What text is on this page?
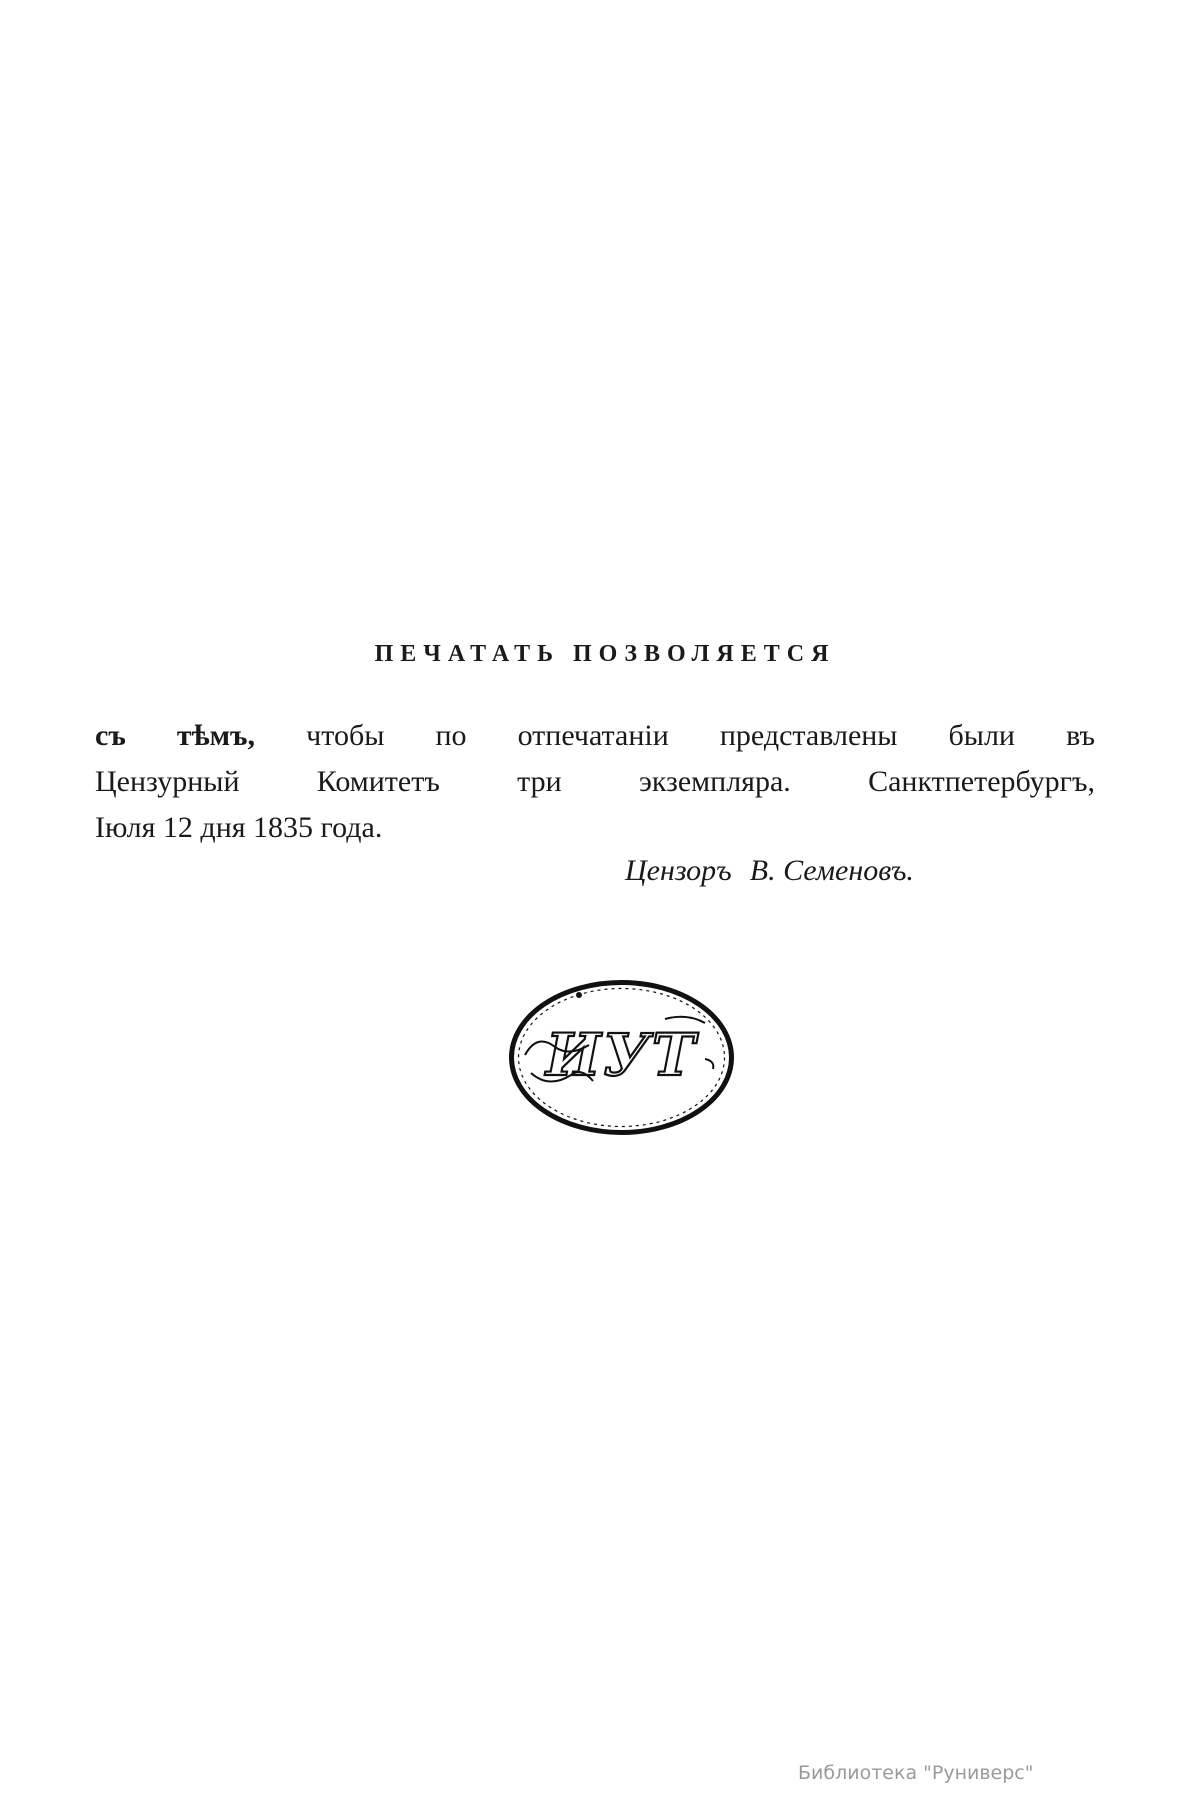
ПЕЧАТАТЬ ПОЗВОЛЯЕТСЯ
съ тѣмъ, чтобы по отпечатаніи представлены были въ
Цензурный Комитетъ три экземпляра. Санктпетербургъ,
Іюля 12 дня 1835 года.
Цензоръ В. Семеновъ.
ИУТ
Библиотека "Руниверс"
